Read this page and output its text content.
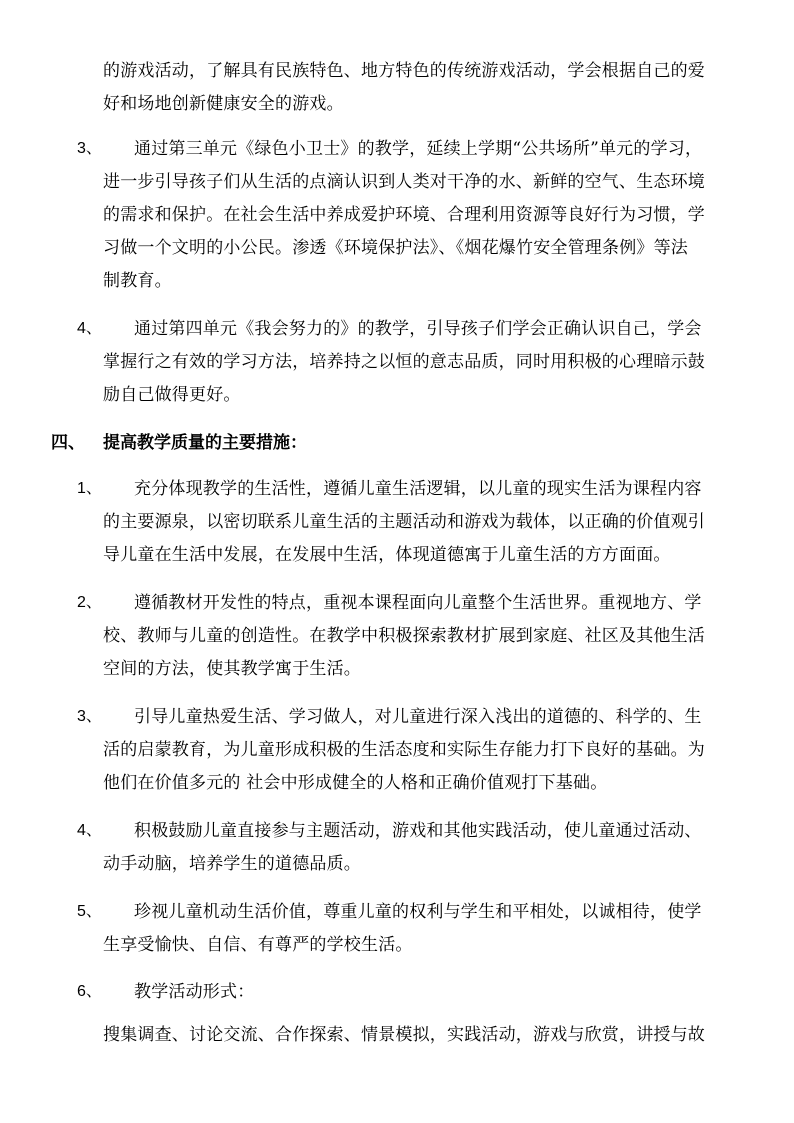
的游戏活动，了解具有民族特色、地方特色的传统游戏活动，学会根据自己的爱
好和场地创新健康安全的游戏。
3、 通过第三单元《绿色小卫士》的教学，延续上学期“公共场所”单元的学习，
进一步引导孩子们从生活的点滴认识到人类对干净的水、新鲜的空气、生态环境
的需求和保护。在社会生活中养成爱护环境、合理利用资源等良好行为习惯，学
习做一个文明的小公民。渗透《环境保护法》、《烟花爆竹安全管理条例》等法
制教育。
4、 通过第四单元《我会努力的》的教学，引导孩子们学会正确认识自己，学会
掌握行之有效的学习方法，培养持之以恒的意志品质，同时用积极的心理暗示鼓
励自己做得更好。
四、 提高教学质量的主要措施：
1、 充分体现教学的生活性，遵循儿童生活逻辑，以儿童的现实生活为课程内容
的主要源泉，以密切联系儿童生活的主题活动和游戏为载体，以正确的价值观引
导儿童在生活中发展，在发展中生活，体现道德寓于儿童生活的方方面面。
2、 遵循教材开发性的特点，重视本课程面向儿童整个生活世界。重视地方、学
校、教师与儿童的创造性。在教学中积极探索教材扩展到家庭、社区及其他生活
空间的方法，使其教学寓于生活。
3、 引导儿童热爱生活、学习做人，对儿童进行深入浅出的道德的、科学的、生
活的启蒙教育，为儿童形成积极的生活态度和实际生存能力打下良好的基础。为
他们在价值多元的 社会中形成健全的人格和正确价值观打下基础。
4、 积极鼓励儿童直接参与主题活动，游戏和其他实践活动，使儿童通过活动、
动手动脑，培养学生的道德品质。
5、 珍视儿童机动生活价值，尊重儿童的权利与学生和平相处，以诚相待，使学
生享受愉快、自信、有尊严的学校生活。
6、 教学活动形式：
搜集调查、讨论交流、合作探索、情景模拟，实践活动，游戏与欣赏，讲授与故
